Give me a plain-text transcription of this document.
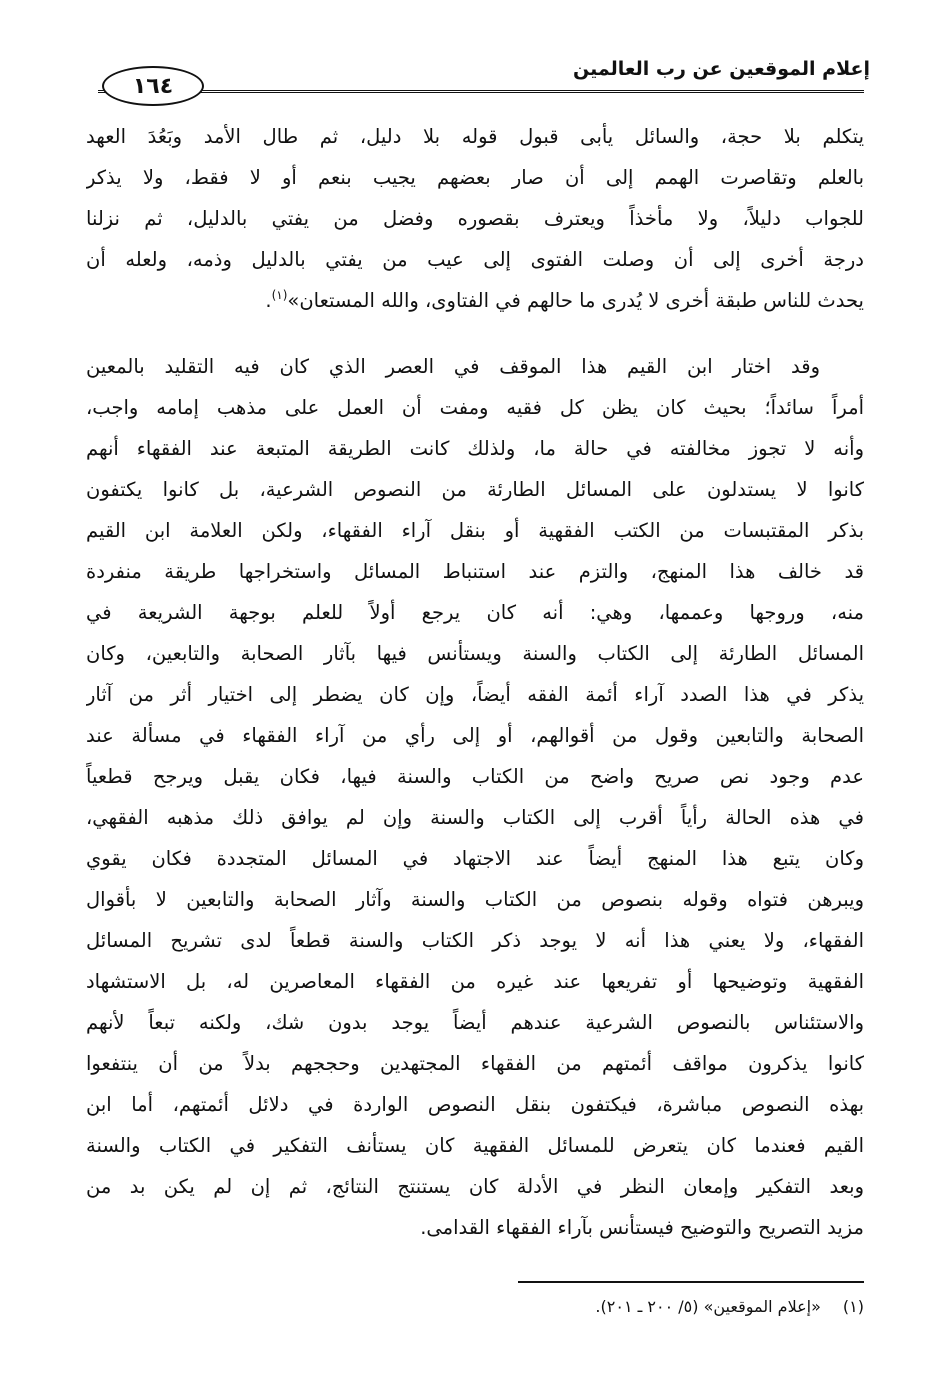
إعلام الموقعين عن رب العالمين
١٦٤
يتكلم بلا حجة، والسائل يأبى قبول قوله بلا دليل، ثم طال الأمد وبَعُدَ العهد
بالعلم وتقاصرت الهمم إلى أن صار بعضهم يجيب بنعم أو لا فقط، ولا يذكر
للجواب دليلاً، ولا مأخذاً ويعترف بقصوره وفضل من يفتي بالدليل، ثم نزلنا
درجة أخرى إلى أن وصلت الفتوى إلى عيب من يفتي بالدليل وذمه، ولعله أن
يحدث للناس طبقة أخرى لا يُدرى ما حالهم في الفتاوى، والله المستعان»$^{(١)}$.
وقد اختار ابن القيم هذا الموقف في العصر الذي كان فيه التقليد بالمعين
أمراً سائداً؛ بحيث كان يظن كل فقيه ومفت أن العمل على مذهب إمامه واجب،
وأنه لا تجوز مخالفته في حالة ما، ولذلك كانت الطريقة المتبعة عند الفقهاء أنهم
كانوا لا يستدلون على المسائل الطارئة من النصوص الشرعية، بل كانوا يكتفون
بذكر المقتبسات من الكتب الفقهية أو بنقل آراء الفقهاء، ولكن العلامة ابن القيم
قد خالف هذا المنهج، والتزم عند استنباط المسائل واستخراجها طريقة منفردة
منه، وروجها وعممها، وهي: أنه كان يرجع أولاً للعلم بوجهة الشريعة في
المسائل الطارئة إلى الكتاب والسنة ويستأنس فيها بآثار الصحابة والتابعين، وكان
يذكر في هذا الصدد آراء أئمة الفقه أيضاً، وإن كان يضطر إلى اختيار أثر من آثار
الصحابة والتابعين وقول من أقوالهم، أو إلى رأي من آراء الفقهاء في مسألة عند
عدم وجود نص صريح واضح من الكتاب والسنة فيها، فكان يقبل ويرجح قطعياً
في هذه الحالة رأياً أقرب إلى الكتاب والسنة وإن لم يوافق ذلك مذهبه الفقهي،
وكان يتبع هذا المنهج أيضاً عند الاجتهاد في المسائل المتجددة فكان يقوي
ويبرهن فتواه وقوله بنصوص من الكتاب والسنة وآثار الصحابة والتابعين لا بأقوال
الفقهاء، ولا يعني هذا أنه لا يوجد ذكر الكتاب والسنة قطعاً لدى تشريح المسائل
الفقهية وتوضيحها أو تفريعها عند غيره من الفقهاء المعاصرين له، بل الاستشهاد
والاستئناس بالنصوص الشرعية عندهم أيضاً يوجد بدون شك، ولكنه تبعاً لأنهم
كانوا يذكرون مواقف أئمتهم من الفقهاء المجتهدين وحججهم بدلاً من أن ينتفعوا
بهذه النصوص مباشرة، فيكتفون بنقل النصوص الواردة في دلائل أئمتهم، أما ابن
القيم فعندما كان يتعرض للمسائل الفقهية كان يستأنف التفكير في الكتاب والسنة
وبعد التفكير وإمعان النظر في الأدلة كان يستنتج النتائج، ثم إن لم يكن بد من
مزيد التصريح والتوضيح فيستأنس بآراء الفقهاء القدامى.
(١)«إعلام الموقعين» (٥/ ٢٠٠ ـ ٢٠١).
